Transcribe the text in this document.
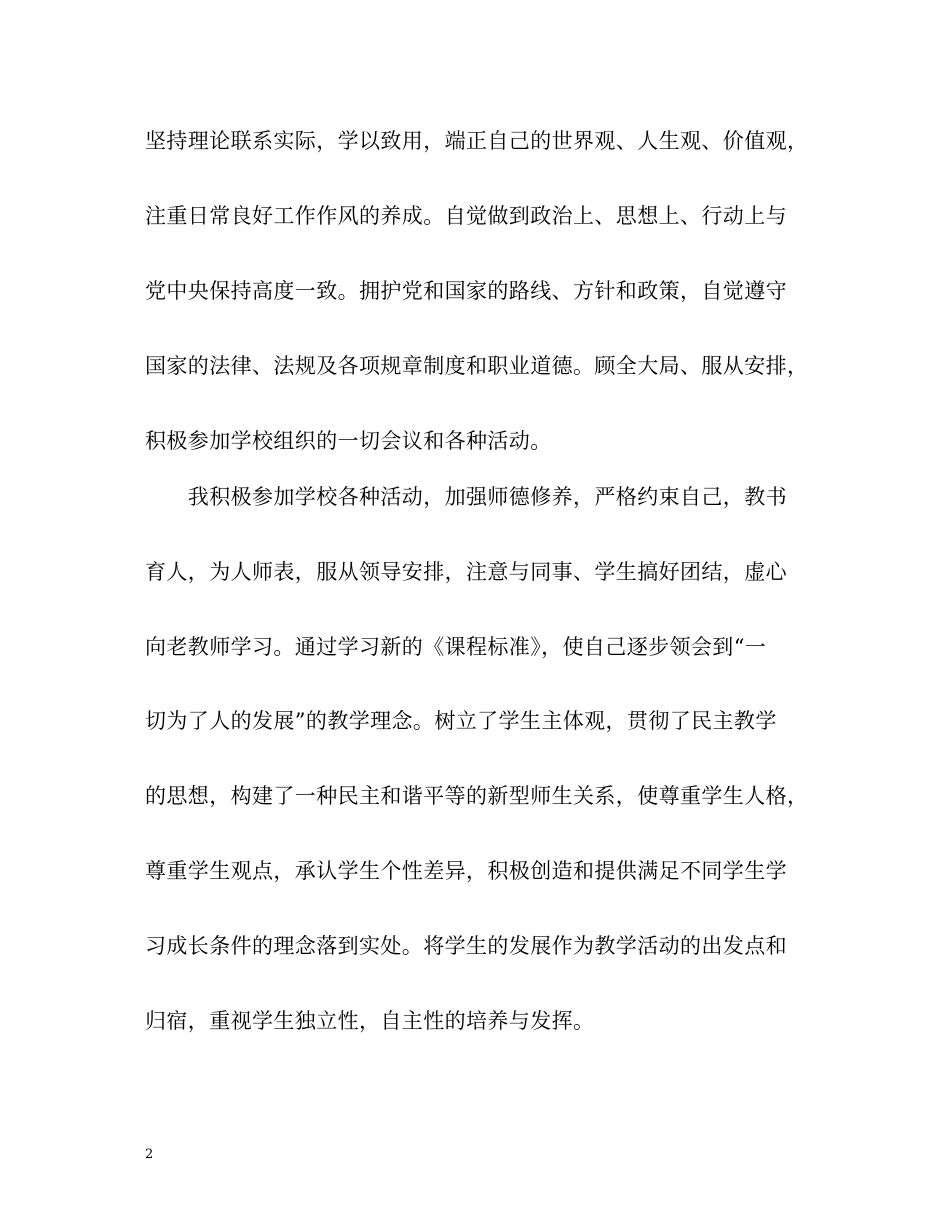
坚持理论联系实际，学以致用，端正自己的世界观、人生观、价值观，
注重日常良好工作作风的养成。自觉做到政治上、思想上、行动上与
党中央保持高度一致。拥护党和国家的路线、方针和政策，自觉遵守
国家的法律、法规及各项规章制度和职业道德。顾全大局、服从安排，
积极参加学校组织的一切会议和各种活动。
　　我积极参加学校各种活动，加强师德修养，严格约束自己，教书
育人，为人师表，服从领导安排，注意与同事、学生搞好团结，虚心
向老教师学习。通过学习新的《课程标准》，使自己逐步领会到“一
切为了人的发展”的教学理念。树立了学生主体观，贯彻了民主教学
的思想，构建了一种民主和谐平等的新型师生关系，使尊重学生人格，
尊重学生观点，承认学生个性差异，积极创造和提供满足不同学生学
习成长条件的理念落到实处。将学生的发展作为教学活动的出发点和
归宿，重视学生独立性，自主性的培养与发挥。
2
